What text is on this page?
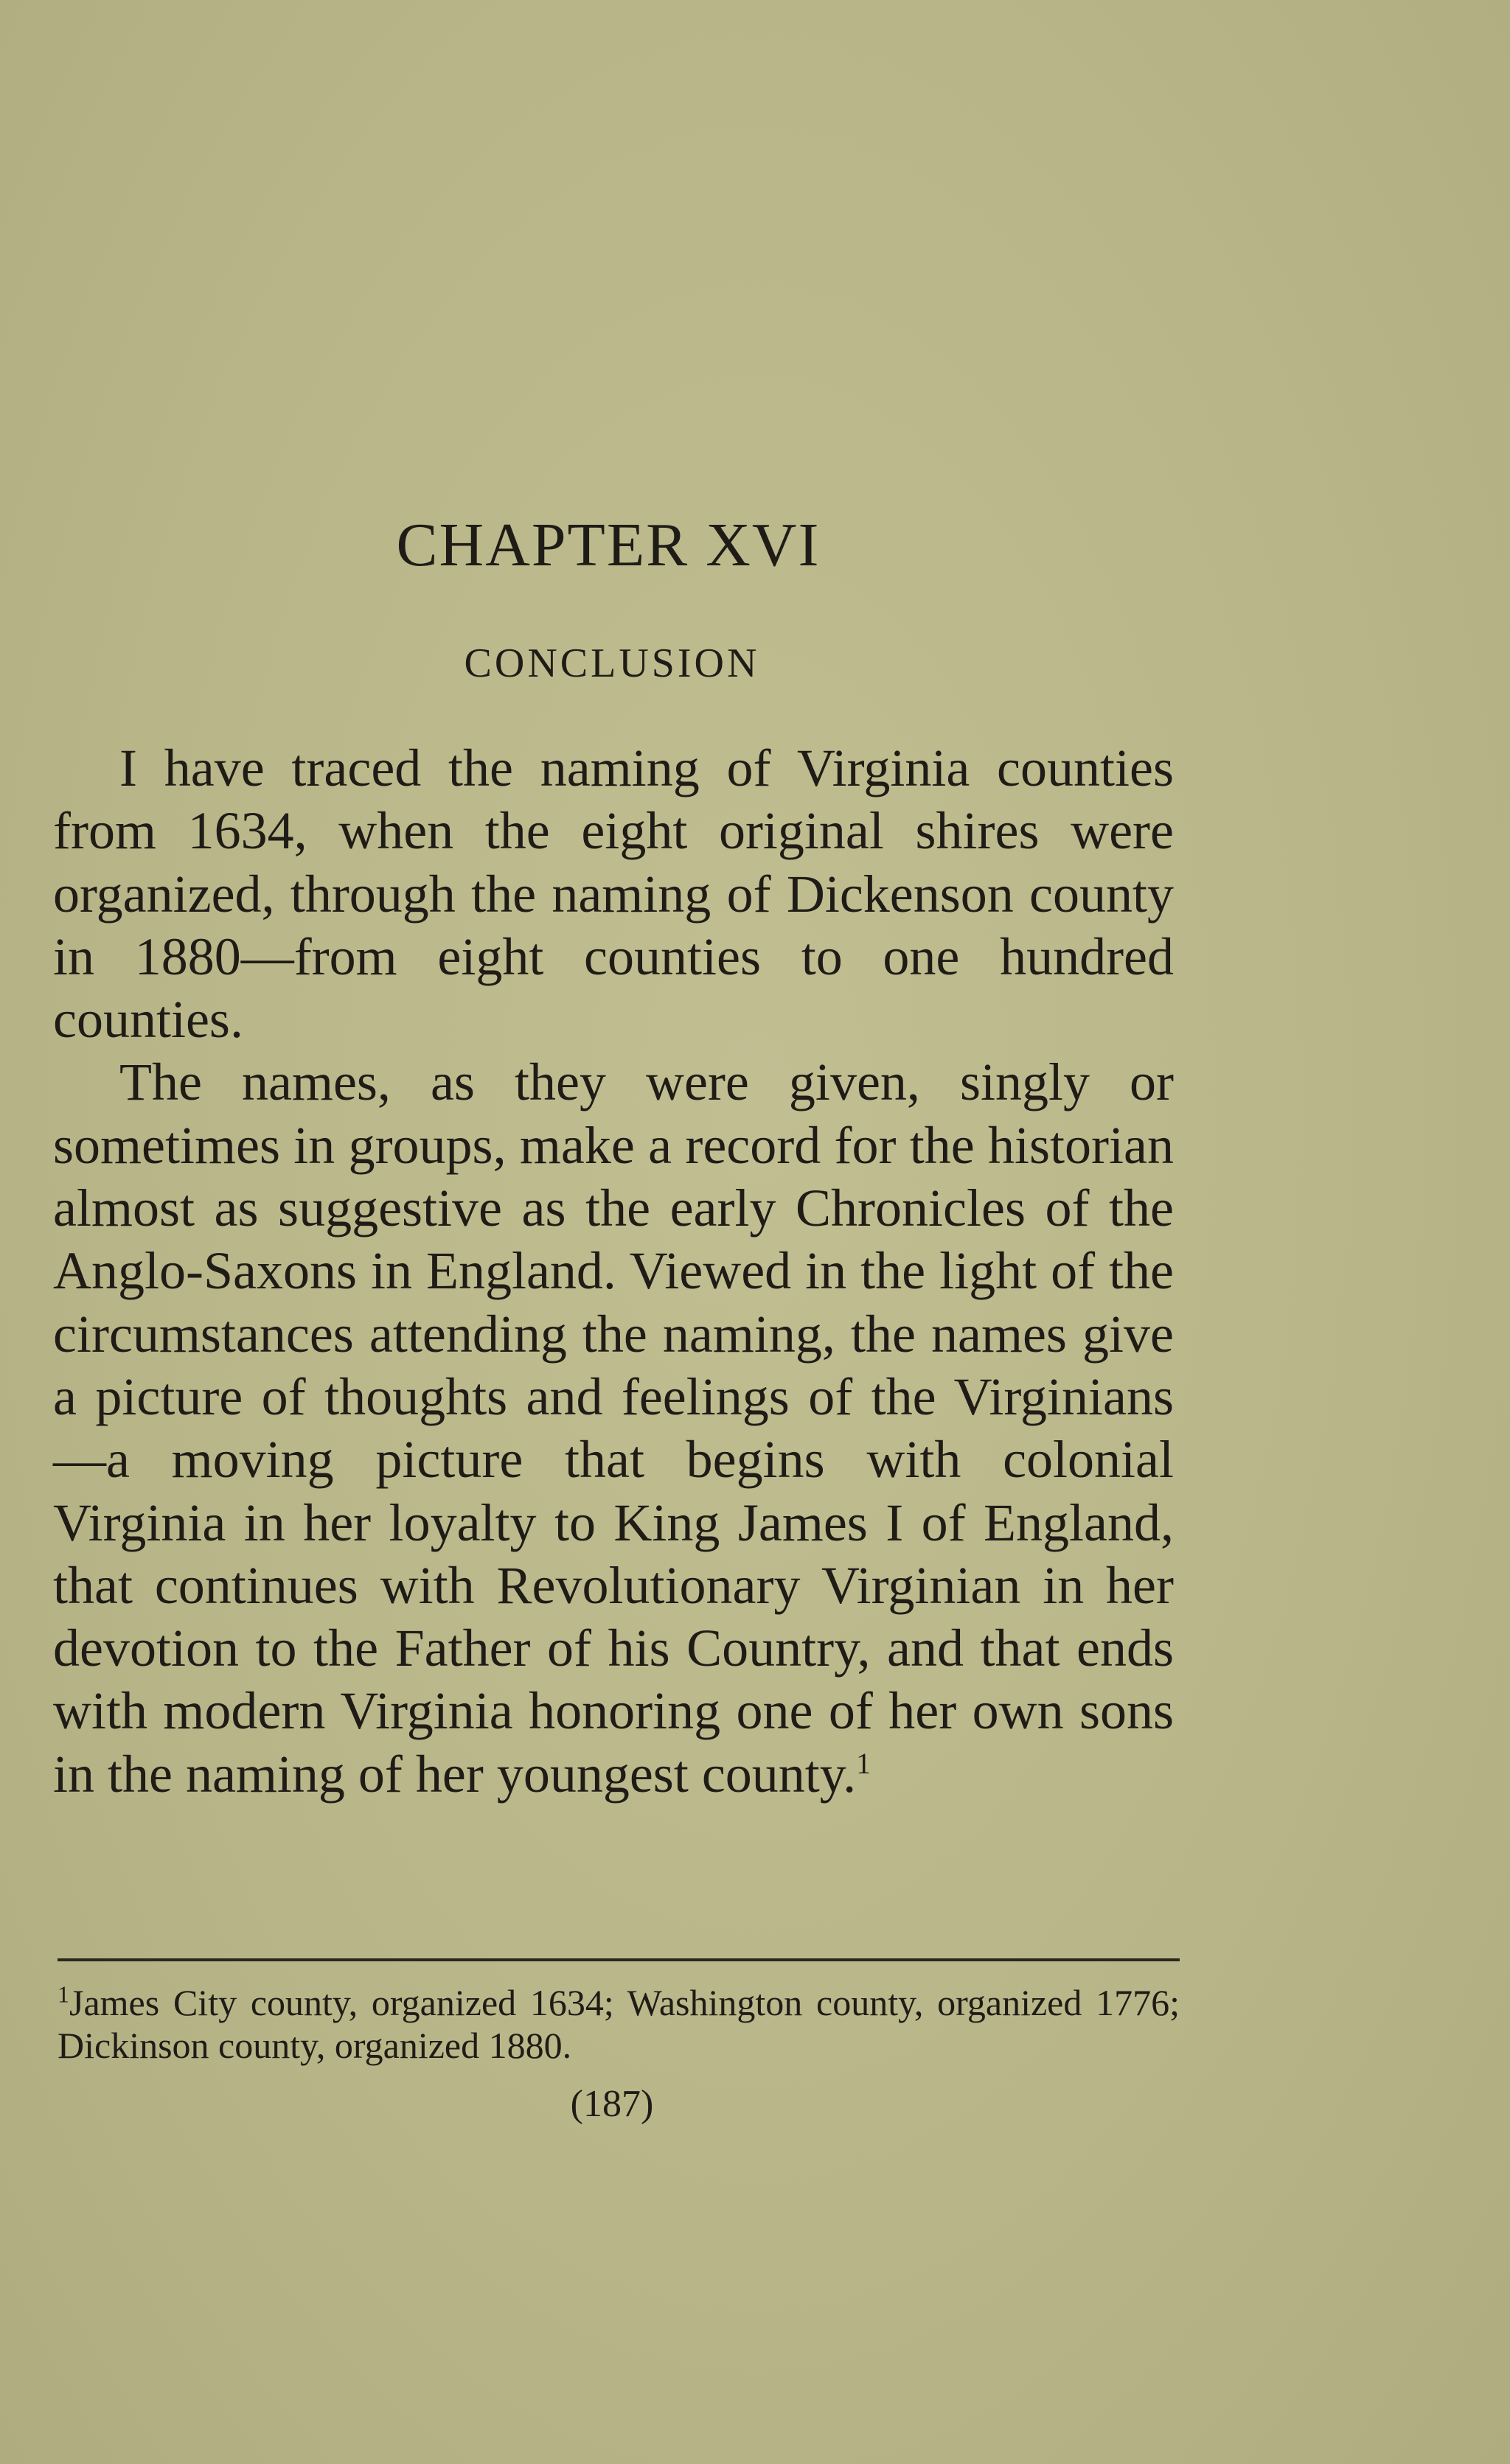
CHAPTER XVI
CONCLUSION

I have traced the naming of Virginia counties from 1634, when the eight original shires were organized, through the naming of Dickenson county in 1880—from eight counties to one hundred counties.

The names, as they were given, singly or sometimes in groups, make a record for the historian almost as suggestive as the early Chronicles of the Anglo-Saxons in England. Viewed in the light of the circumstances attending the naming, the names give a picture of thoughts and feelings of the Virginians—a moving picture that begins with colonial Virginia in her loyalty to King James I of England, that continues with Revolutionary Virginian in her devotion to the Father of his Country, and that ends with modern Virginia honoring one of her own sons in the naming of her youngest county.$^1$

$^1$James City county, organized 1634; Washington county, organized 1776; Dickinson county, organized 1880.

(187)
